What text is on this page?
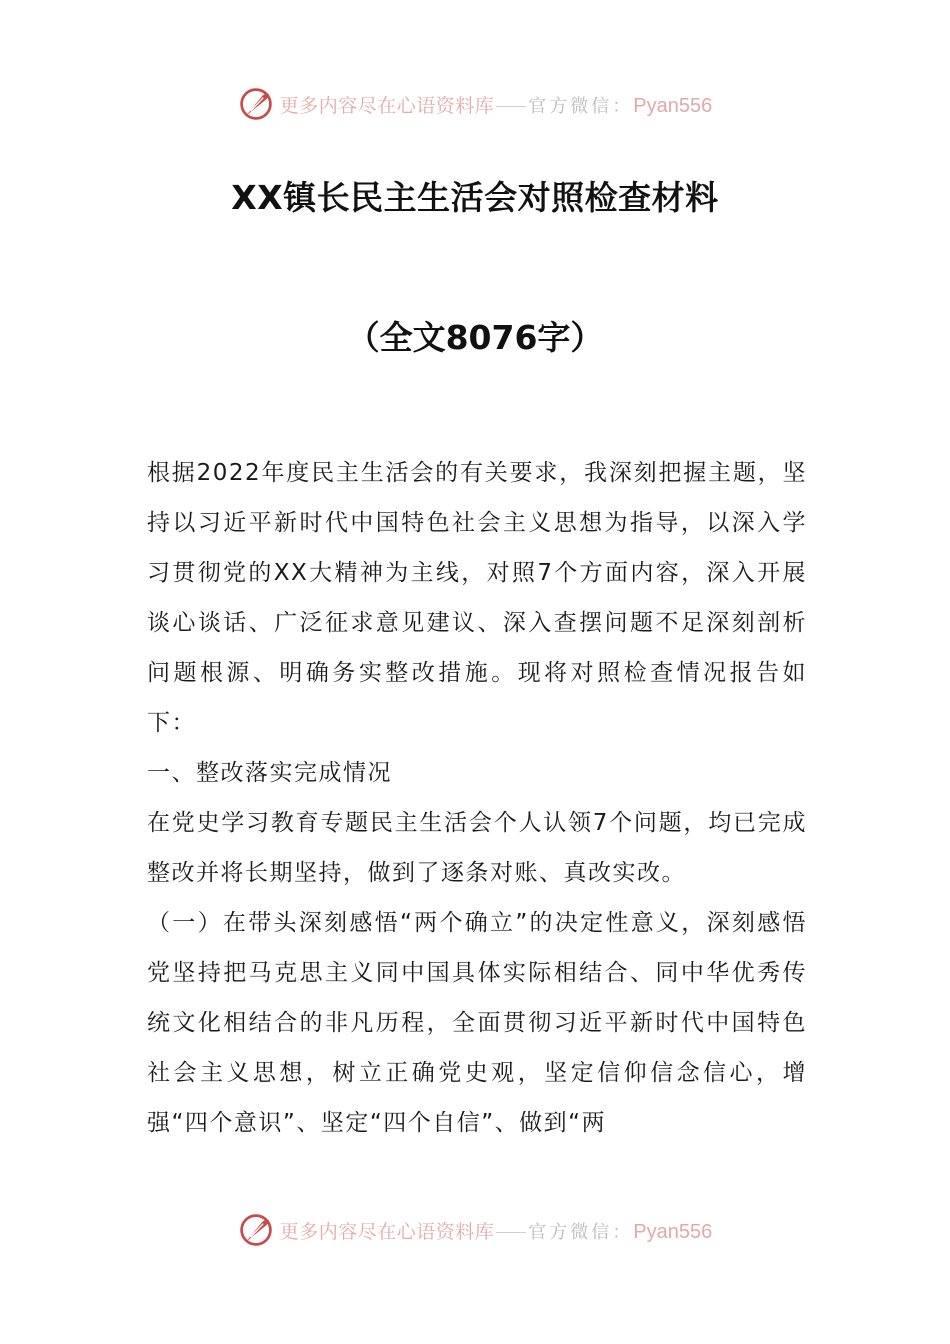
更多内容尽在心语资料库 官方微信：Pyan556
XX镇长民主生活会对照检查材料
（全文8076字）

根据2022年度民主生活会的有关要求，我深刻把握主题，坚持以习近平新时代中国特色社会主义思想为指导，以深入学习贯彻党的XX大精神为主线，对照7个方面内容，深入开展谈心谈话、广泛征求意见建议、深入查摆问题不足深刻剖析问题根源、明确务实整改措施。现将对照检查情况报告如下：

一、整改落实完成情况

在党史学习教育专题民主生活会个人认领7个问题，均已完成整改并将长期坚持，做到了逐条对账、真改实改。

（一）在带头深刻感悟“两个确立”的决定性意义，深刻感悟党坚持把马克思主义同中国具体实际相结合、同中华优秀传统文化相结合的非凡历程，全面贯彻习近平新时代中国特色社会主义思想，树立正确党史观，坚定信仰信念信心，增强“四个意识”、坚定“四个自信”、做到“两

更多内容尽在心语资料库 官方微信：Pyan556
